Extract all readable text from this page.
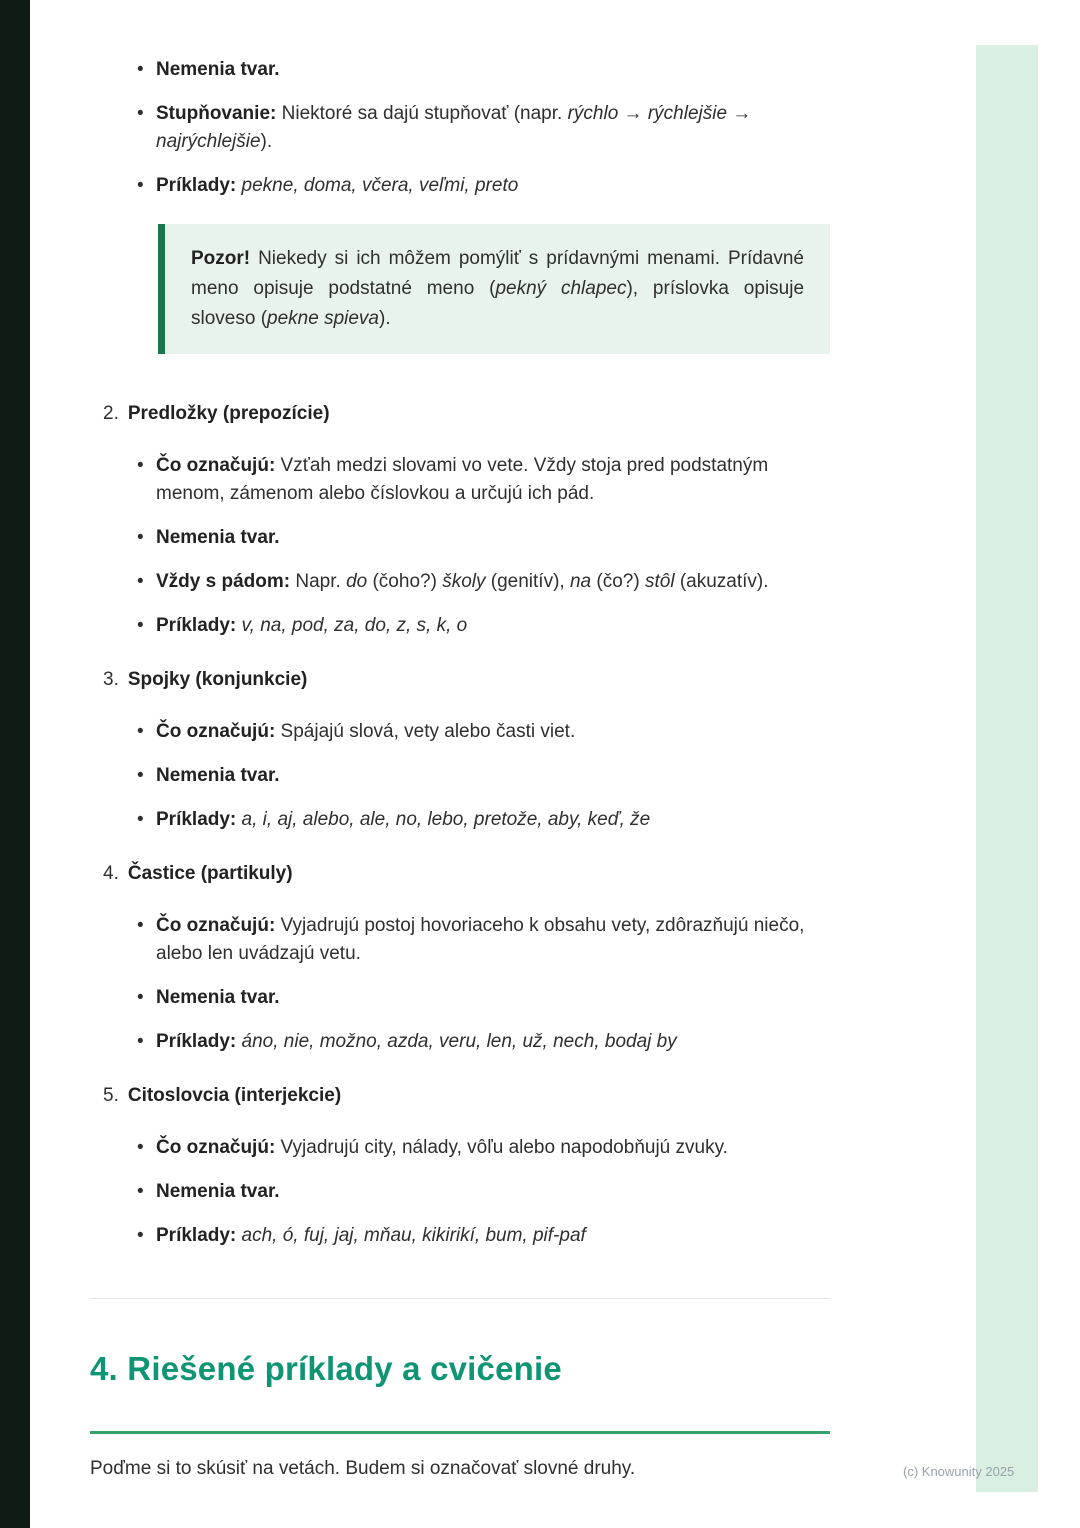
• Nemenia tvar.
• Stupňovanie: Niektoré sa dajú stupňovať (napr. rýchlo → rýchlejšie → najrýchlejšie).
• Príklady: pekne, doma, včera, veľmi, preto

Pozor! Niekedy si ich môžem pomýliť s prídavnými menami. Prídavné meno opisuje podstatné meno (pekný chlapec), príslovka opisuje sloveso (pekne spieva).

2. Predložky (prepozície)
• Čo označujú: Vzťah medzi slovami vo vete. Vždy stoja pred podstatným menom, zámenom alebo číslovkou a určujú ich pád.
• Nemenia tvar.
• Vždy s pádom: Napr. do (čoho?) školy (genitív), na (čo?) stôl (akuzatív).
• Príklady: v, na, pod, za, do, z, s, k, o
3. Spojky (konjunkcie)
• Čo označujú: Spájajú slová, vety alebo časti viet.
• Nemenia tvar.
• Príklady: a, i, aj, alebo, ale, no, lebo, pretože, aby, keď, že
4. Častice (partikuly)
• Čo označujú: Vyjadrujú postoj hovoriaceho k obsahu vety, zdôrazňujú niečo, alebo len uvádzajú vetu.
• Nemenia tvar.
• Príklady: áno, nie, možno, azda, veru, len, už, nech, bodaj by
5. Citoslovcia (interjekcie)
• Čo označujú: Vyjadrujú city, nálady, vôľu alebo napodobňujú zvuky.
• Nemenia tvar.
• Príklady: ach, ó, fuj, jaj, mňau, kikirikí, bum, pif-paf
4. Riešené príklady a cvičenie

Poďme si to skúsiť na vetách. Budem si označovať slovné druhy.	(c) Knowunity 2025
